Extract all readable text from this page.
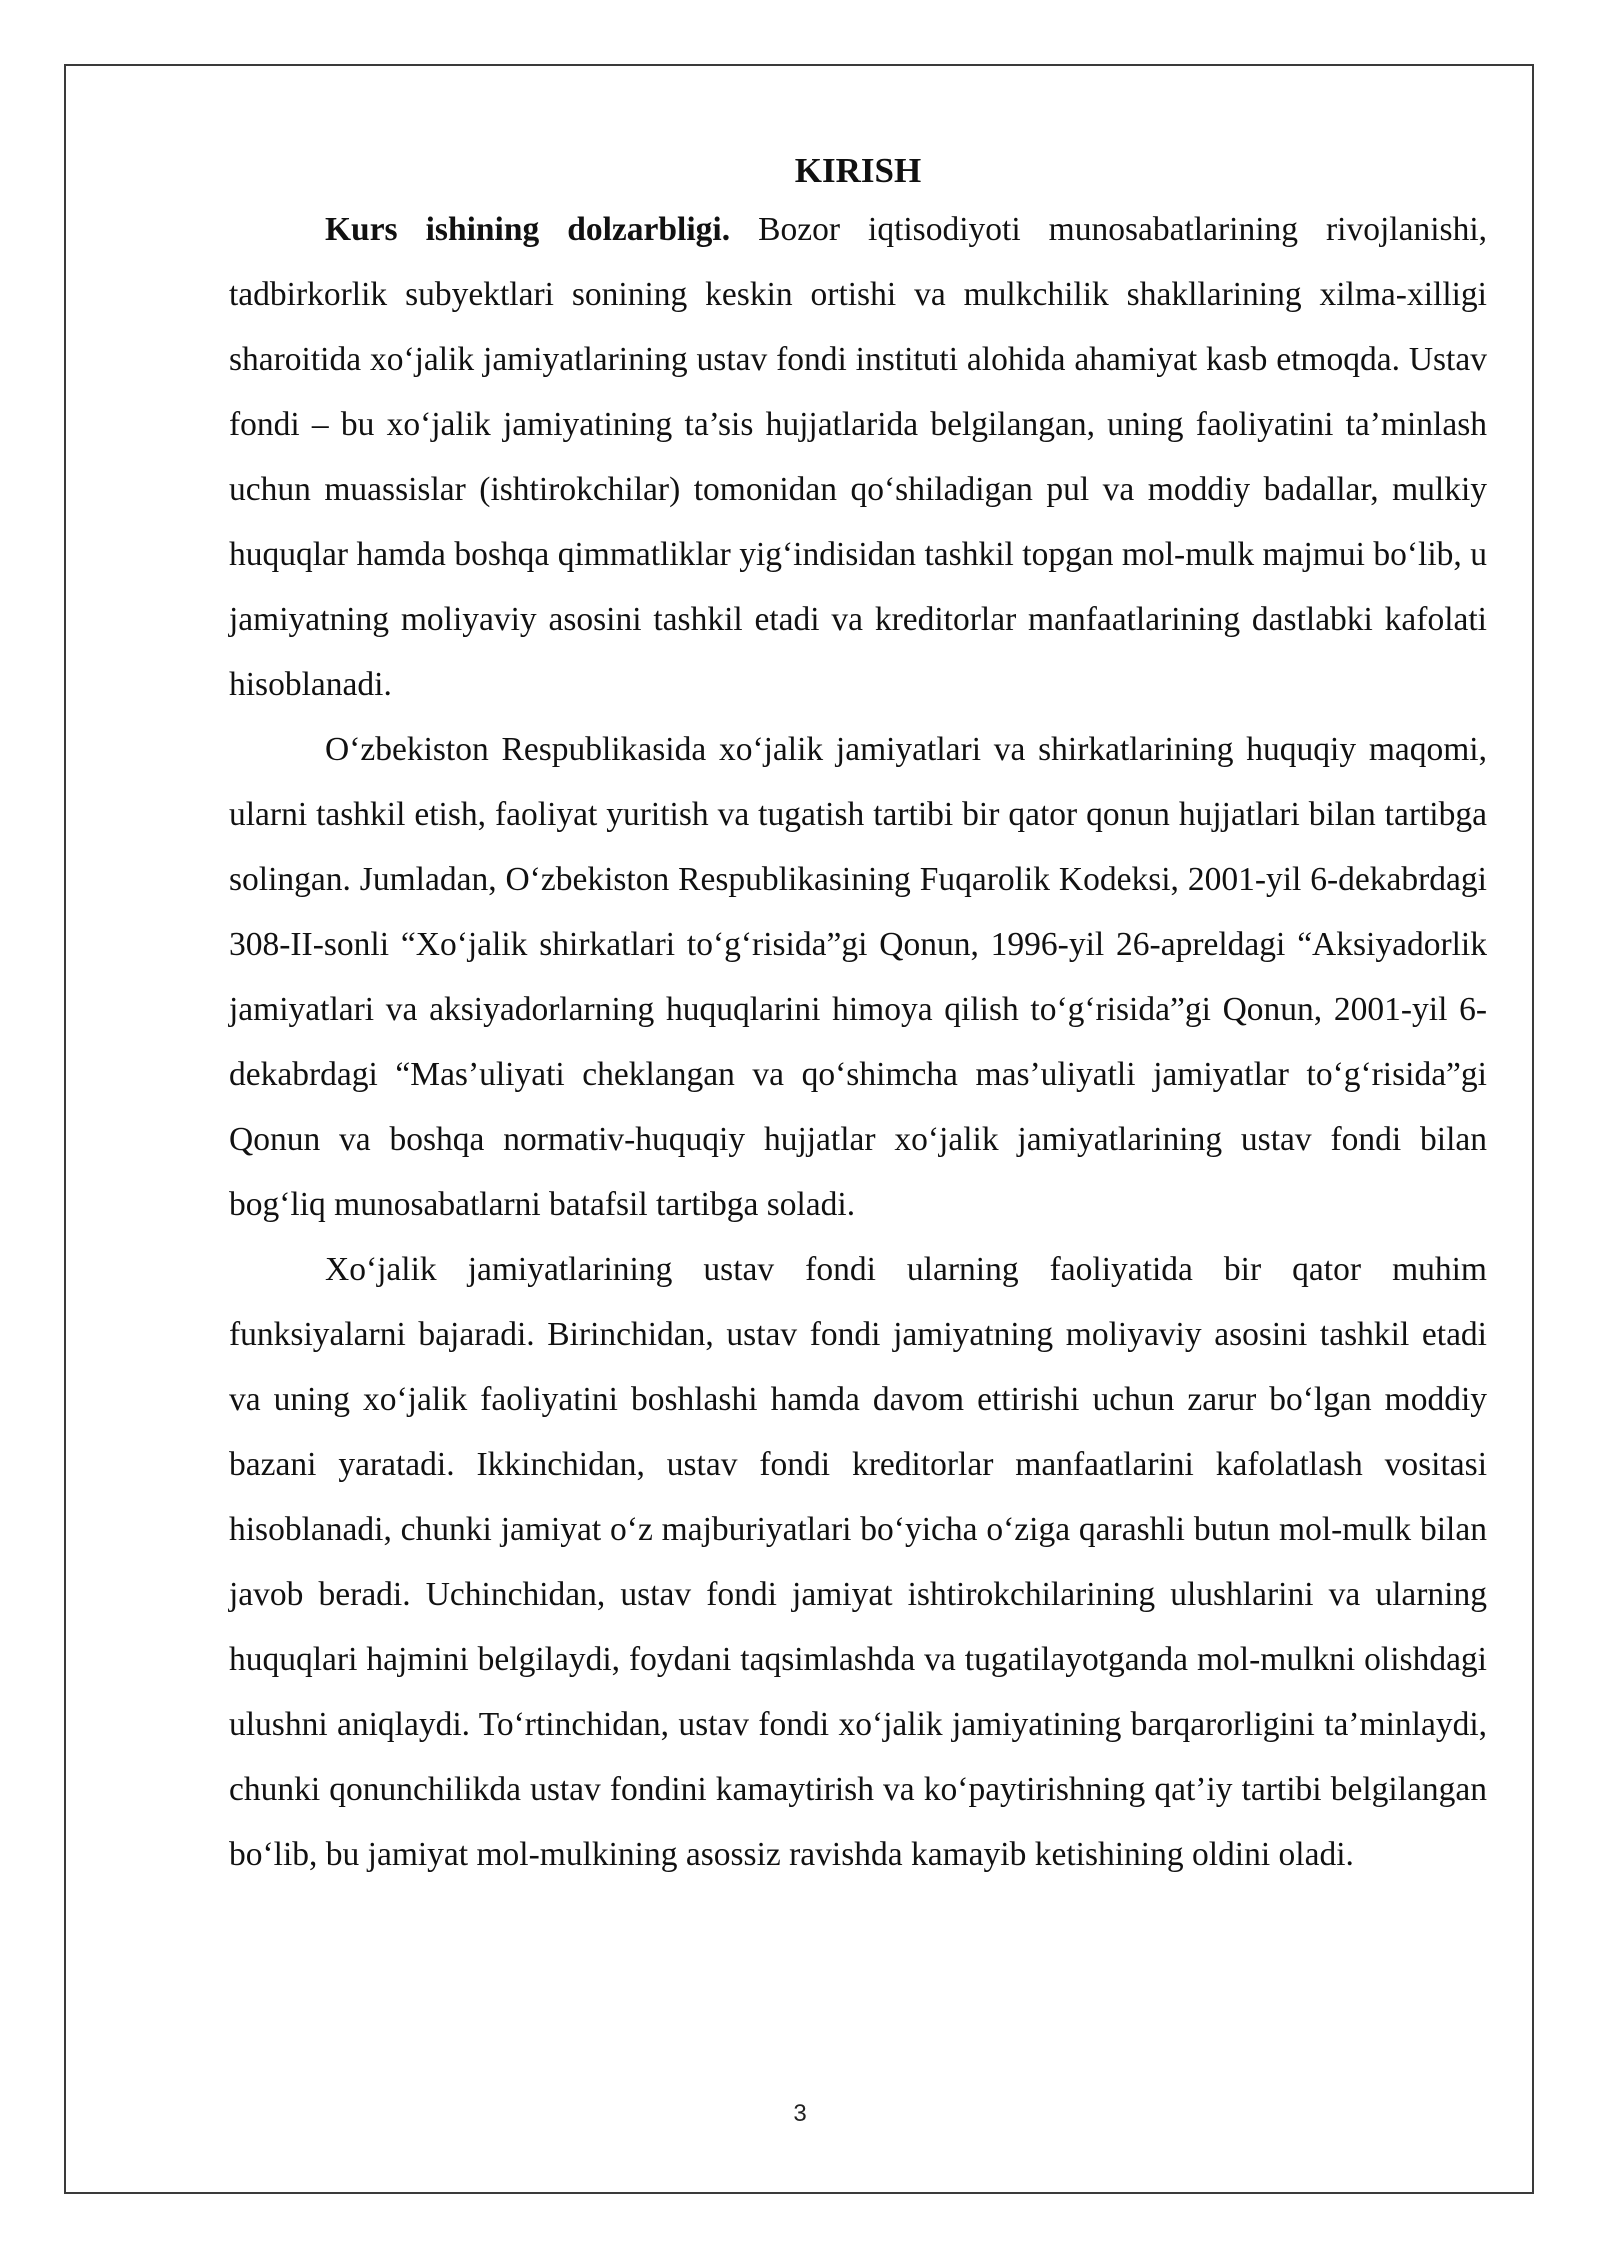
KIRISH

Kurs ishining dolzarbligi. Bozor iqtisodiyoti munosabatlarining rivojlanishi, tadbirkorlik subyektlari sonining keskin ortishi va mulkchilik shakllarining xilma-xilligi sharoitida xo‘jalik jamiyatlarining ustav fondi instituti alohida ahamiyat kasb etmoqda. Ustav fondi – bu xo‘jalik jamiyatining ta’sis hujjatlarida belgilangan, uning faoliyatini ta’minlash uchun muassislar (ishtirokchilar) tomonidan qo‘shiladigan pul va moddiy badallar, mulkiy huquqlar hamda boshqa qimmatliklar yig‘indisidan tashkil topgan mol-mulk majmui bo‘lib, u jamiyatning moliyaviy asosini tashkil etadi va kreditorlar manfaatlarining dastlabki kafolati hisoblanadi.

O‘zbekiston Respublikasida xo‘jalik jamiyatlari va shirkatlarining huquqiy maqomi, ularni tashkil etish, faoliyat yuritish va tugatish tartibi bir qator qonun hujjatlari bilan tartibga solingan. Jumladan, O‘zbekiston Respublikasining Fuqarolik Kodeksi, 2001-yil 6-dekabrdagi 308-II-sonli “Xo‘jalik shirkatlari to‘g‘risida”gi Qonun, 1996-yil 26-apreldagi “Aksiyadorlik jamiyatlari va aksiyadorlarning huquqlarini himoya qilish to‘g‘risida”gi Qonun, 2001-yil 6-dekabrdagi “Mas’uliyati cheklangan va qo‘shimcha mas’uliyatli jamiyatlar to‘g‘risida”gi Qonun va boshqa normativ-huquqiy hujjatlar xo‘jalik jamiyatlarining ustav fondi bilan bog‘liq munosabatlarni batafsil tartibga soladi.

Xo‘jalik jamiyatlarining ustav fondi ularning faoliyatida bir qator muhim funksiyalarni bajaradi. Birinchidan, ustav fondi jamiyatning moliyaviy asosini tashkil etadi va uning xo‘jalik faoliyatini boshlashi hamda davom ettirishi uchun zarur bo‘lgan moddiy bazani yaratadi. Ikkinchidan, ustav fondi kreditorlar manfaatlarini kafolatlash vositasi hisoblanadi, chunki jamiyat o‘z majburiyatlari bo‘yicha o‘ziga qarashli butun mol-mulk bilan javob beradi. Uchinchidan, ustav fondi jamiyat ishtirokchilarining ulushlarini va ularning huquqlari hajmini belgilaydi, foydani taqsimlashda va tugatilayotganda mol-mulkni olishdagi ulushni aniqlaydi. To‘rtinchidan, ustav fondi xo‘jalik jamiyatining barqarorligini ta’minlaydi, chunki qonunchilikda ustav fondini kamaytirish va ko‘paytirishning qat’iy tartibi belgilangan bo‘lib, bu jamiyat mol-mulkining asossiz ravishda kamayib ketishining oldini oladi.

3
